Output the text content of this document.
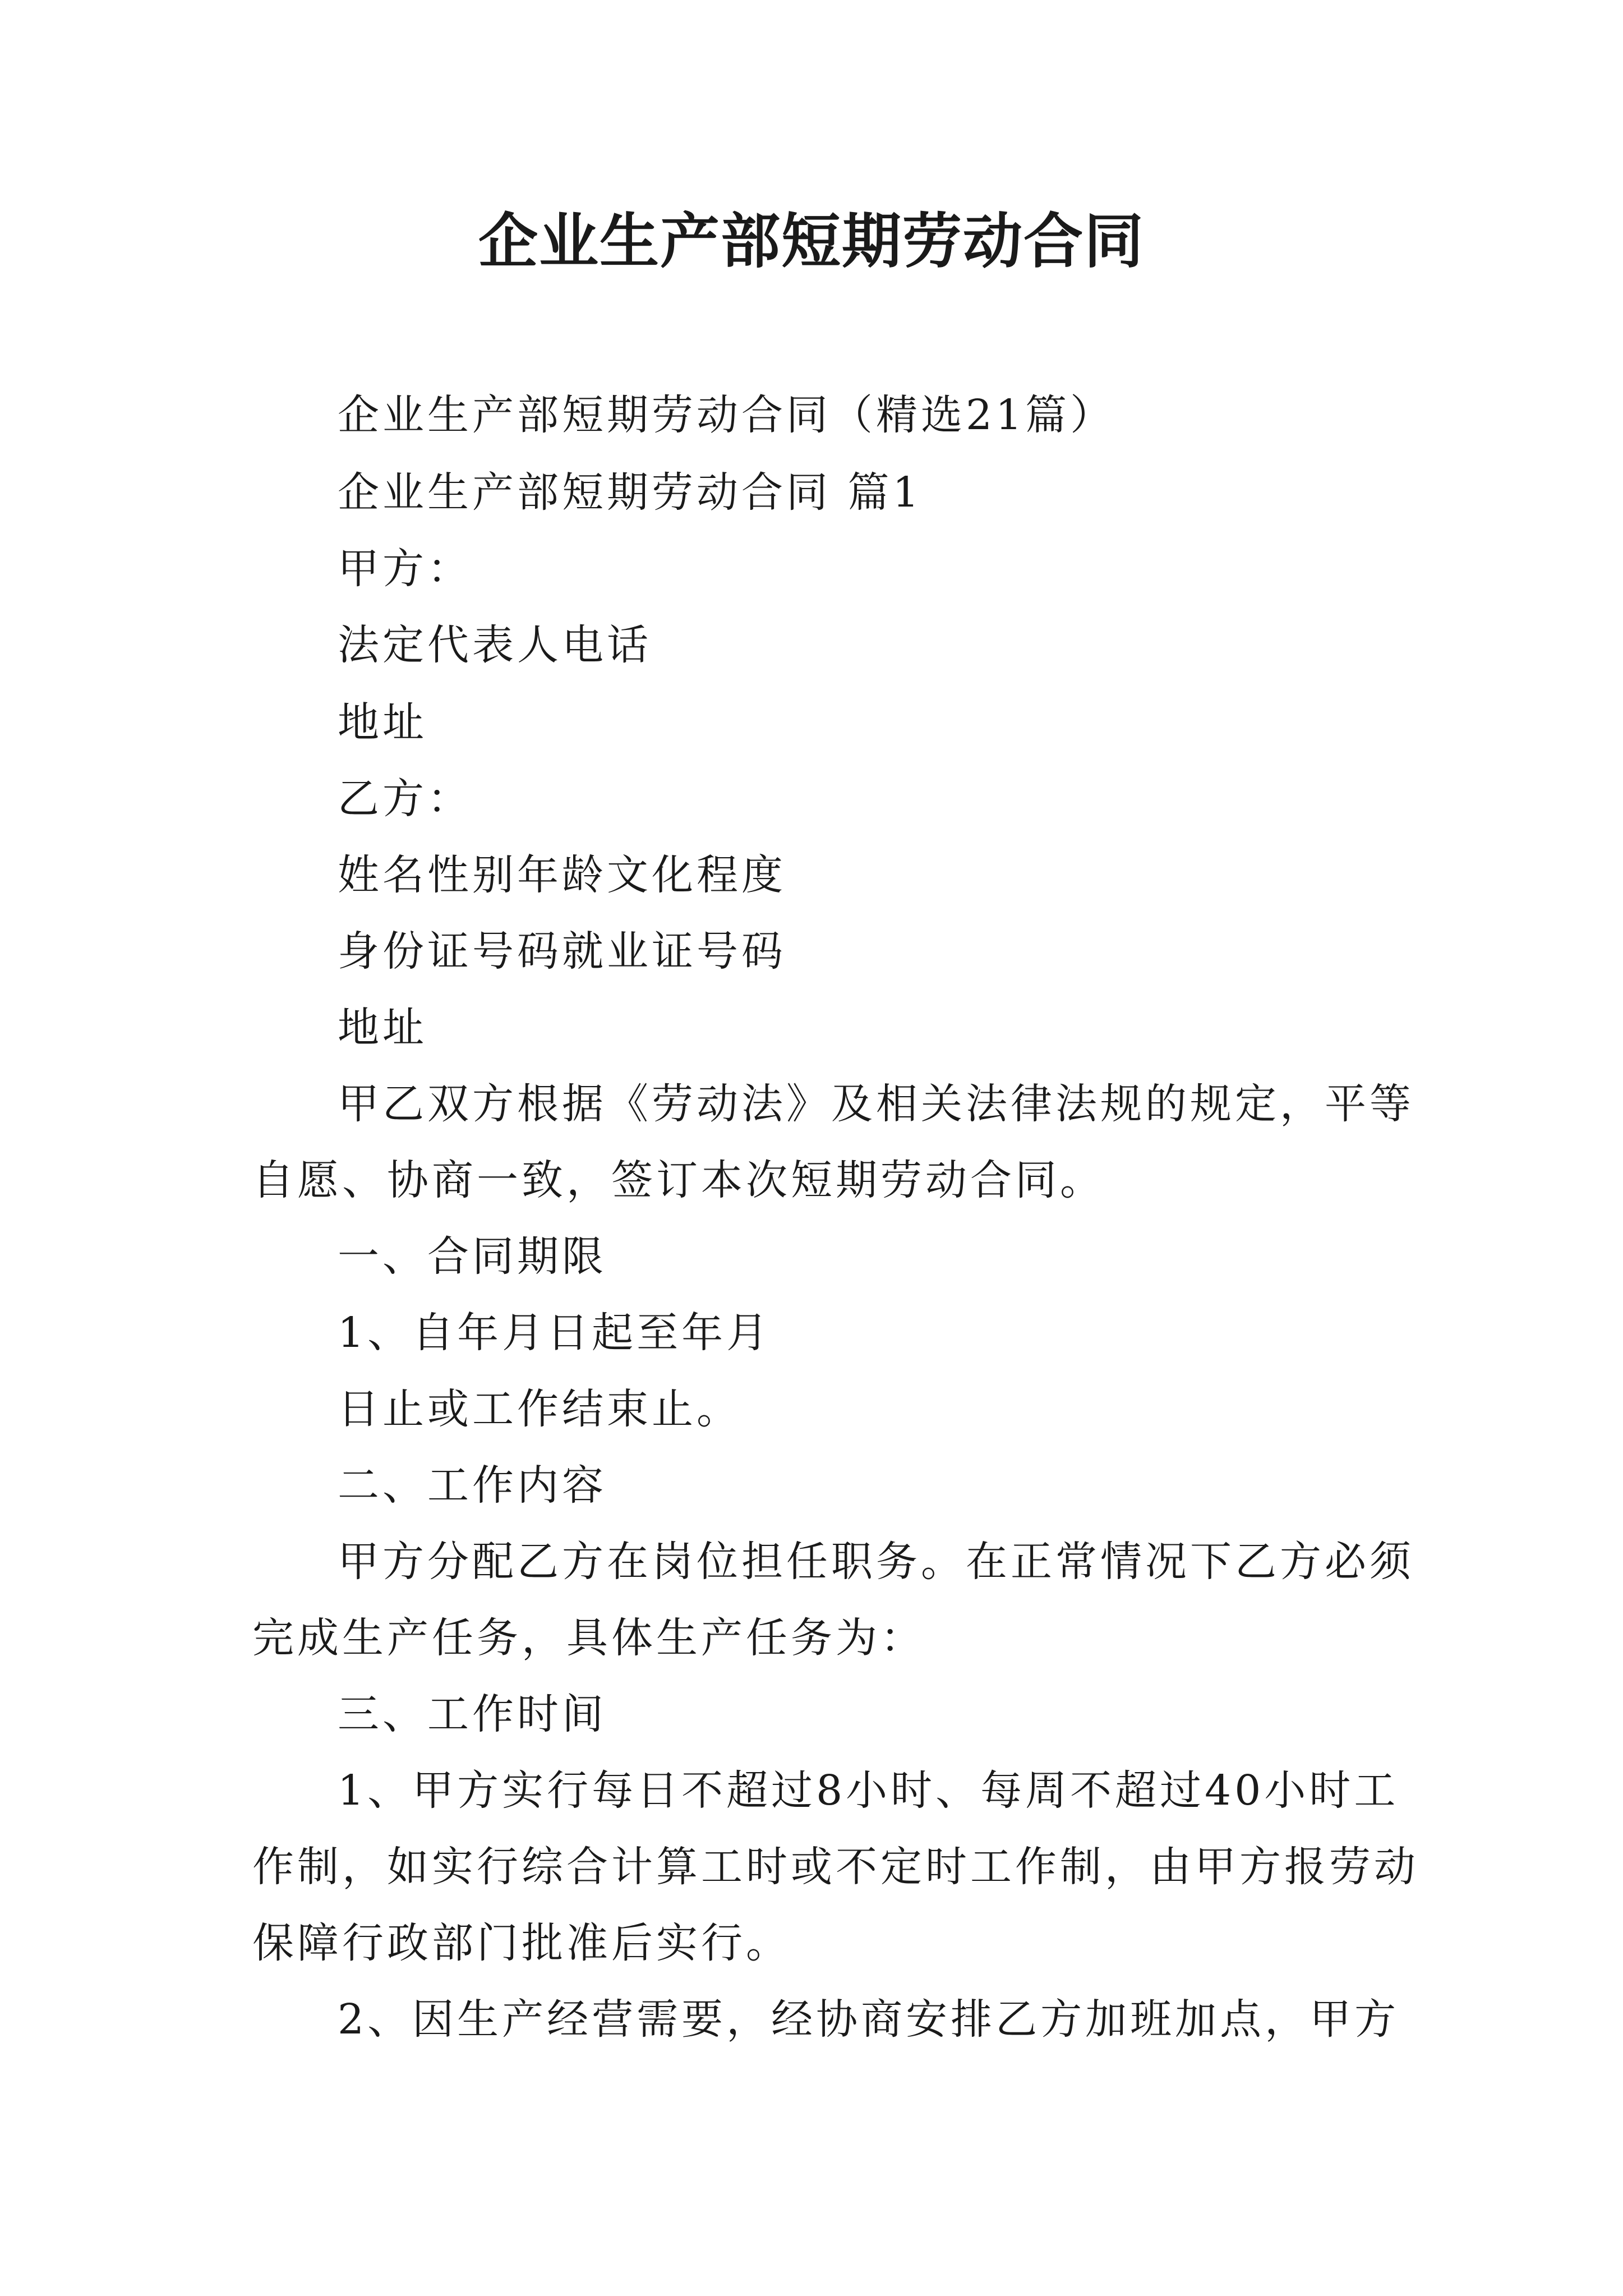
企业生产部短期劳动合同

企业生产部短期劳动合同（精选21篇）

企业生产部短期劳动合同 篇1

甲方：

法定代表人电话

地址

乙方：

姓名性别年龄文化程度

身份证号码就业证号码

地址

甲乙双方根据《劳动法》及相关法律法规的规定，平等

自愿、协商一致，签订本次短期劳动合同。

一、合同期限

1、自年月日起至年月

日止或工作结束止。

二、工作内容

甲方分配乙方在岗位担任职务。在正常情况下乙方必须

完成生产任务，具体生产任务为：

三、工作时间

1、甲方实行每日不超过8小时、每周不超过40小时工

作制，如实行综合计算工时或不定时工作制，由甲方报劳动

保障行政部门批准后实行。

2、因生产经营需要，经协商安排乙方加班加点，甲方
